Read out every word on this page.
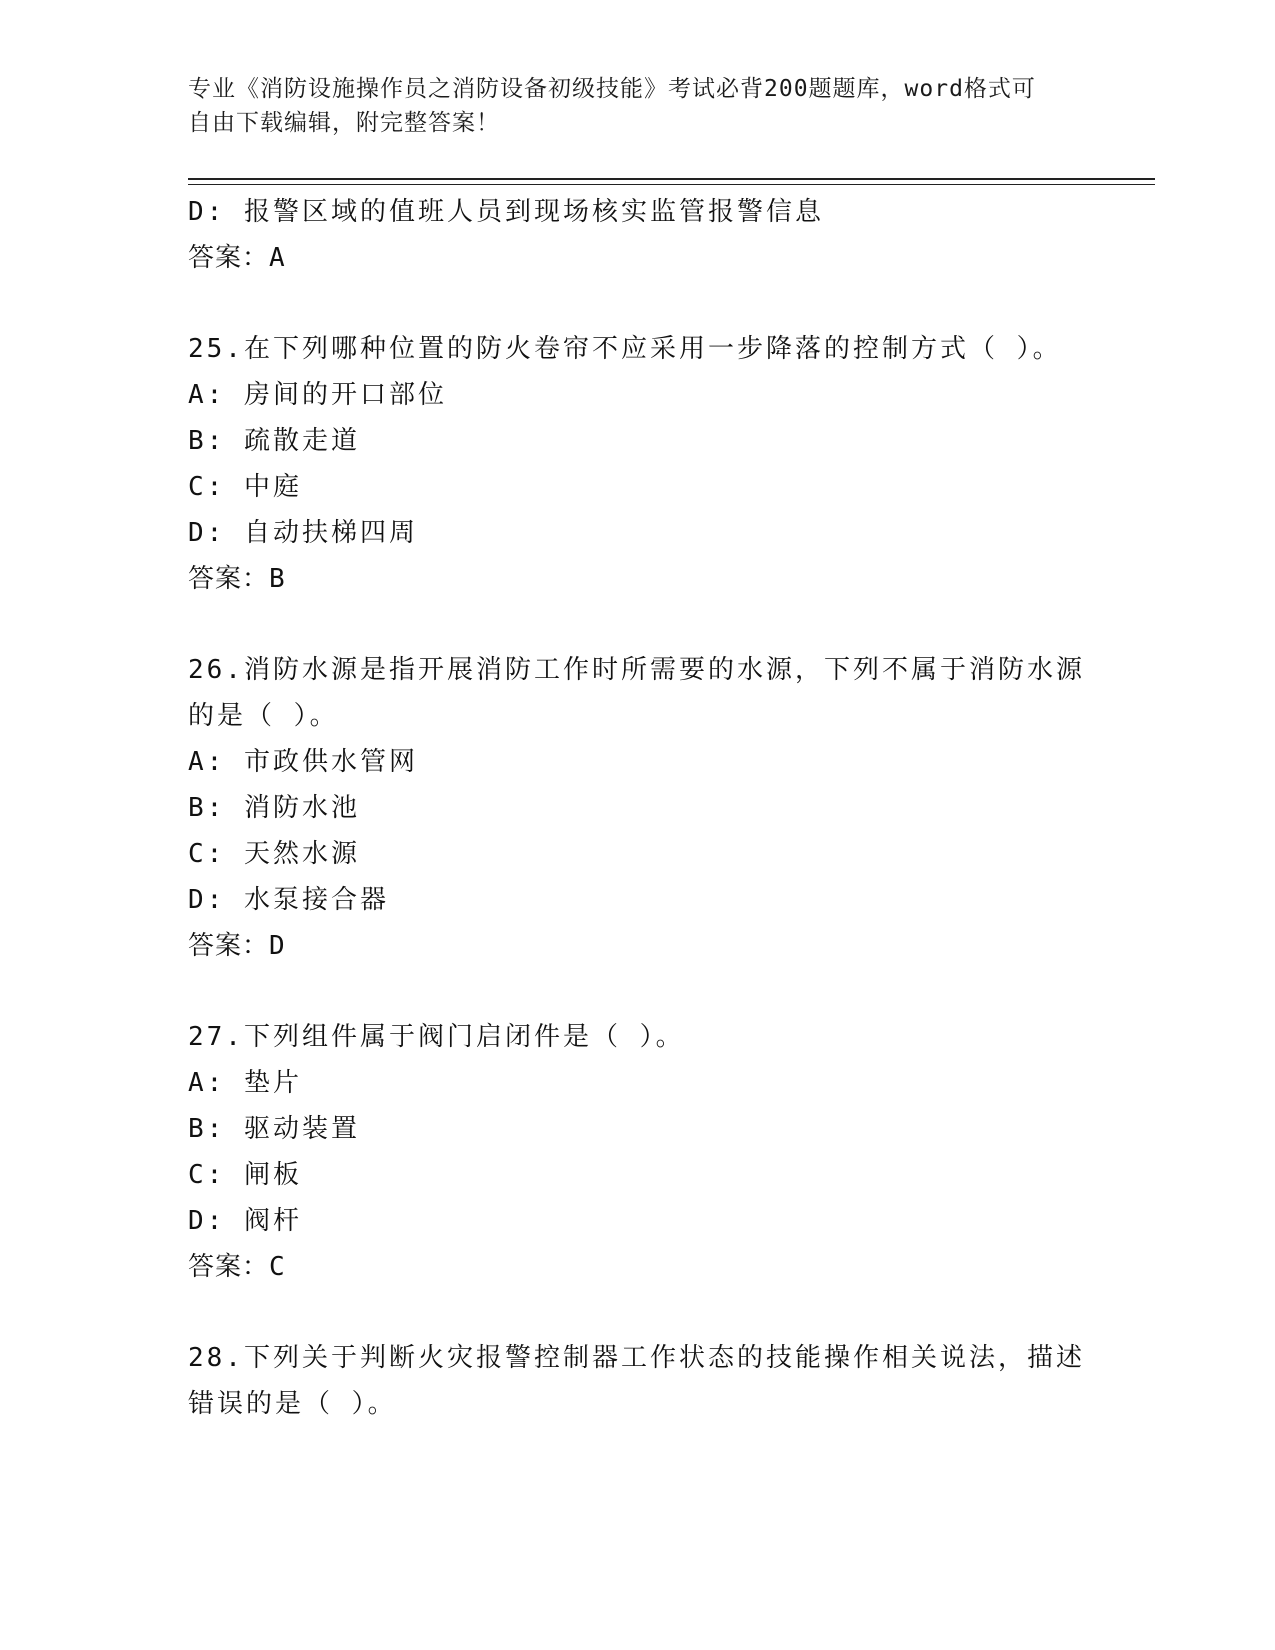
专业《消防设施操作员之消防设备初级技能》考试必背200题题库，word格式可
自由下载编辑，附完整答案！
D: 报警区域的值班人员到现场核实监管报警信息
答案：A
25.在下列哪种位置的防火卷帘不应采用一步降落的控制方式（ ）。
A: 房间的开口部位
B: 疏散走道
C: 中庭
D: 自动扶梯四周
答案：B
26.消防水源是指开展消防工作时所需要的水源，下列不属于消防水源
的是（ ）。
A: 市政供水管网
B: 消防水池
C: 天然水源
D: 水泵接合器
答案：D
27.下列组件属于阀门启闭件是（ ）。
A: 垫片
B: 驱动装置
C: 闸板
D: 阀杆
答案：C
28.下列关于判断火灾报警控制器工作状态的技能操作相关说法，描述
错误的是（ ）。
